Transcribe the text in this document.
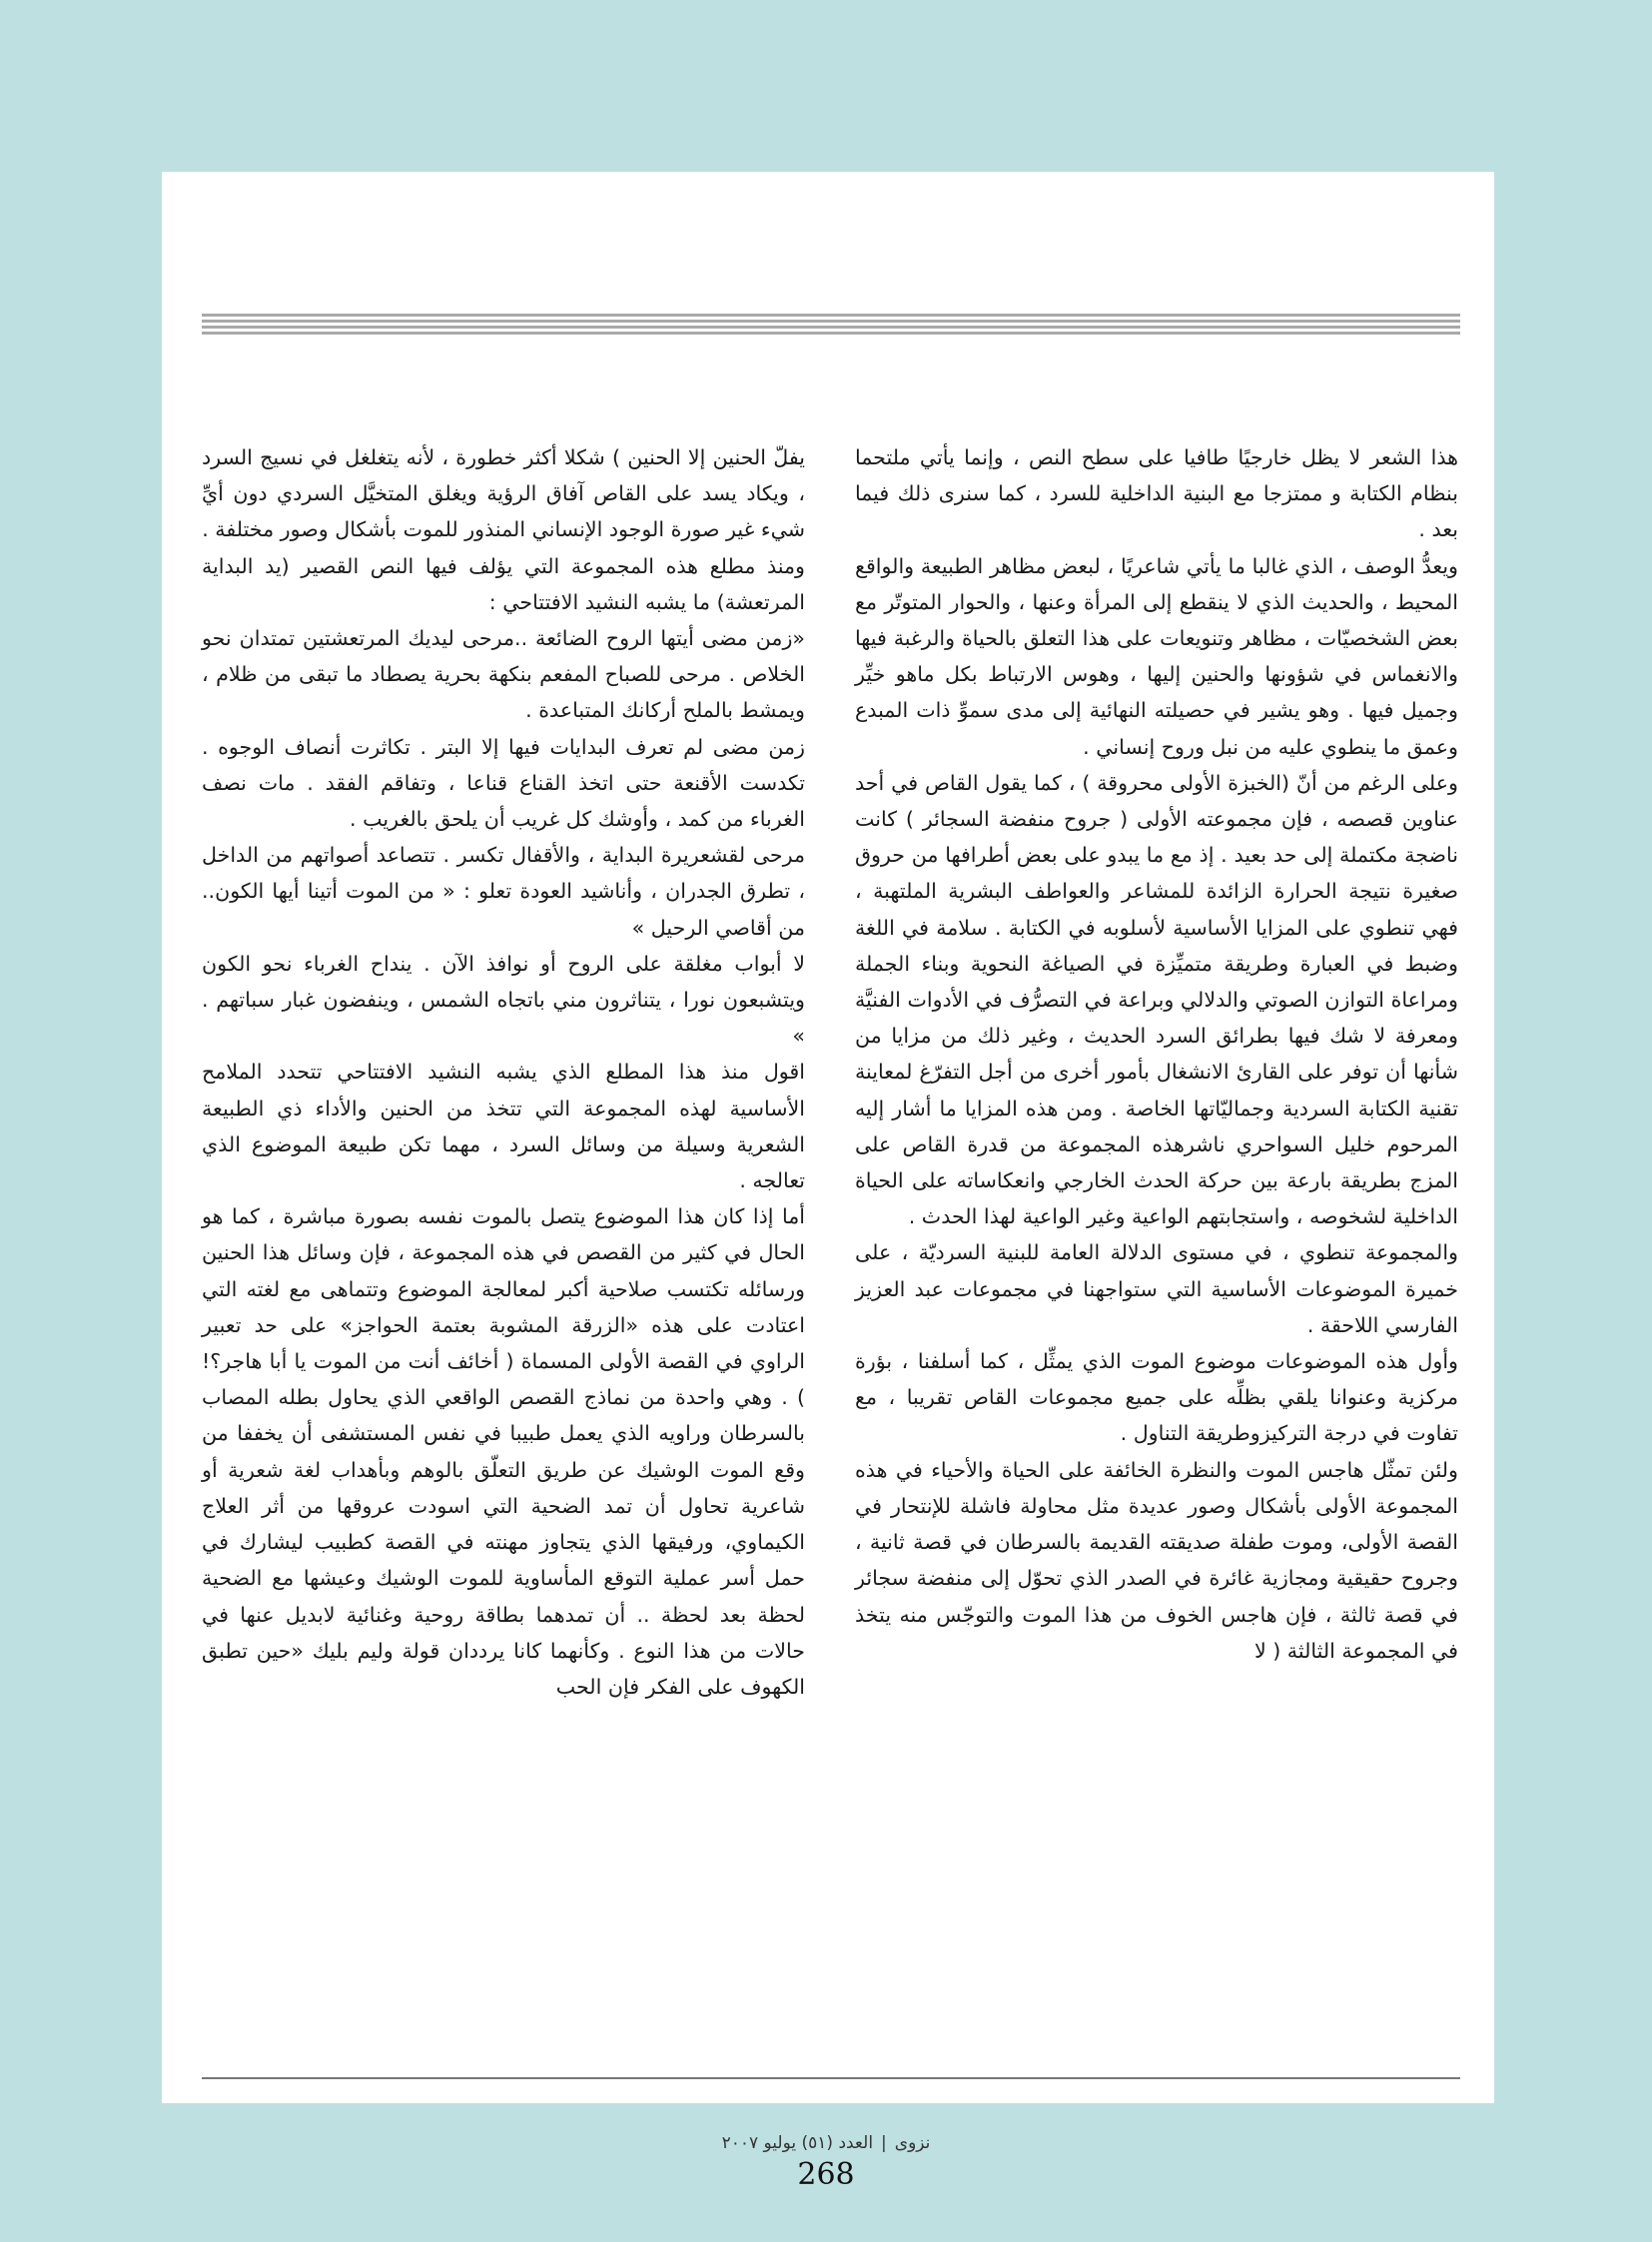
هذا الشعر لا يظل خارجيًا طافيا على سطح النص ، وإنما يأتي ملتحما بنظام الكتابة و ممتزجا مع البنية الداخلية للسرد ، كما سنرى ذلك فيما بعد .

ويعدُّ الوصف ، الذي غالبا ما يأتي شاعريًا ، لبعض مظاهر الطبيعة والواقع المحيط ، والحديث الذي لا ينقطع إلى المرأة وعنها ، والحوار المتوتّر مع بعض الشخصيّات ، مظاهر وتنويعات على هذا التعلق بالحياة والرغبة فيها والانغماس في شؤونها والحنين إليها ، وهوس الارتباط بكل ماهو خيِّر وجميل فيها . وهو يشير في حصيلته النهائية إلى مدى سموِّ ذات المبدع وعمق ما ينطوي عليه من نبل وروح إنساني .

وعلى الرغم من أنّ (الخبزة الأولى محروقة ) ، كما يقول القاص في أحد عناوين قصصه ، فإن مجموعته الأولى ( جروح منفضة السجائر ) كانت ناضجة مكتملة إلى حد بعيد . إذ مع ما يبدو على بعض أطرافها من حروق صغيرة نتيجة الحرارة الزائدة للمشاعر والعواطف البشرية الملتهبة ، فهي تنطوي على المزايا الأساسية لأسلوبه في الكتابة . سلامة في اللغة وضبط في العبارة وطريقة متميِّزة في الصياغة النحوية وبناء الجملة ومراعاة التوازن الصوتي والدلالي وبراعة في التصرُّف في الأدوات الفنيَّة ومعرفة لا شك فيها بطرائق السرد الحديث ، وغير ذلك من مزايا من شأنها أن توفر على القارئ الانشغال بأمور أخرى من أجل التفرّغ لمعاينة تقنية الكتابة السردية وجماليّاتها الخاصة . ومن هذه المزايا ما أشار إليه المرحوم خليل السواحري ناشرهذه المجموعة من قدرة القاص على المزج بطريقة بارعة بين حركة الحدث الخارجي وانعكاساته على الحياة الداخلية لشخوصه ، واستجابتهم الواعية وغير الواعية لهذا الحدث .

والمجموعة تنطوي ، في مستوى الدلالة العامة للبنية السرديّة ، على خميرة الموضوعات الأساسية التي ستواجهنا في مجموعات عبد العزيز الفارسي اللاحقة .

وأول هذه الموضوعات موضوع الموت الذي يمثِّل ، كما أسلفنا ، بؤرة مركزية وعنوانا يلقي بظلِّه على جميع مجموعات القاص تقريبا ، مع تفاوت في درجة التركيزوطريقة التناول .

ولئن تمثّل هاجس الموت والنظرة الخائفة على الحياة والأحياء في هذه المجموعة الأولى بأشكال وصور عديدة مثل محاولة فاشلة للإنتحار في القصة الأولى، وموت طفلة صديقته القديمة بالسرطان في قصة ثانية ، وجروح حقيقية ومجازية غائرة في الصدر الذي تحوّل إلى منفضة سجائر في قصة ثالثة ، فإن هاجس الخوف من هذا الموت والتوجّس منه يتخذ في المجموعة الثالثة ( لا

يفلّ الحنين إلا الحنين ) شكلا أكثر خطورة ، لأنه يتغلغل في نسيج السرد ، ويكاد يسد على القاص آفاق الرؤية ويغلق المتخيَّل السردي دون أيِّ شيء غير صورة الوجود الإنساني المنذور للموت بأشكال وصور مختلفة .

ومنذ مطلع هذه المجموعة التي يؤلف فيها النص القصير (يد البداية المرتعشة) ما يشبه النشيد الافتتاحي :

«زمن مضى أيتها الروح الضائعة ..مرحى ليديك المرتعشتين تمتدان نحو الخلاص . مرحى للصباح المفعم بنكهة بحرية يصطاد ما تبقى من ظلام ، ويمشط بالملح أركانك المتباعدة .

زمن مضى لم تعرف البدايات فيها إلا البتر . تكاثرت أنصاف الوجوه . تكدست الأقنعة حتى اتخذ القناع قناعا ، وتفاقم الفقد . مات نصف الغرباء من كمد ، وأوشك كل غريب أن يلحق بالغريب .

مرحى لقشعريرة البداية ، والأقفال تكسر . تتصاعد أصواتهم من الداخل ، تطرق الجدران ، وأناشيد العودة تعلو : « من الموت أتينا أيها الكون.. من أقاصي الرحيل »

لا أبواب مغلقة على الروح أو نوافذ الآن . ينداح الغرباء نحو الكون ويتشبعون نورا ، يتناثرون مني باتجاه الشمس ، وينفضون غبار سباتهم . »

اقول منذ هذا المطلع الذي يشبه النشيد الافتتاحي تتحدد الملامح الأساسية لهذه المجموعة التي تتخذ من الحنين والأداء ذي الطبيعة الشعرية وسيلة من وسائل السرد ، مهما تكن طبيعة الموضوع الذي تعالجه .

أما إذا كان هذا الموضوع يتصل بالموت نفسه بصورة مباشرة ، كما هو الحال في كثير من القصص في هذه المجموعة ، فإن وسائل هذا الحنين ورسائله تكتسب صلاحية أكبر لمعالجة الموضوع وتتماهى مع لغته التي اعتادت على هذه «الزرقة المشوبة بعتمة الحواجز» على حد تعبير الراوي في القصة الأولى المسماة ( أخائف أنت من الموت يا أبا هاجر؟! ) . وهي واحدة من نماذج القصص الواقعي الذي يحاول بطله المصاب بالسرطان وراويه الذي يعمل طبيبا في نفس المستشفى أن يخففا من وقع الموت الوشيك عن طريق التعلّق بالوهم وبأهداب لغة شعرية أو شاعرية تحاول أن تمد الضحية التي اسودت عروقها من أثر العلاج الكيماوي، ورفيقها الذي يتجاوز مهنته في القصة كطبيب ليشارك في حمل أسر عملية التوقع المأساوية للموت الوشيك وعيشها مع الضحية لحظة بعد لحظة .. أن تمدهما بطاقة روحية وغنائية لابديل عنها في حالات من هذا النوع . وكأنهما كانا يرددان قولة وليم بليك «حين تطبق الكهوف على الفكر فإن الحب

نزوى|العدد (٥١) يوليو ٢٠٠٧
268
